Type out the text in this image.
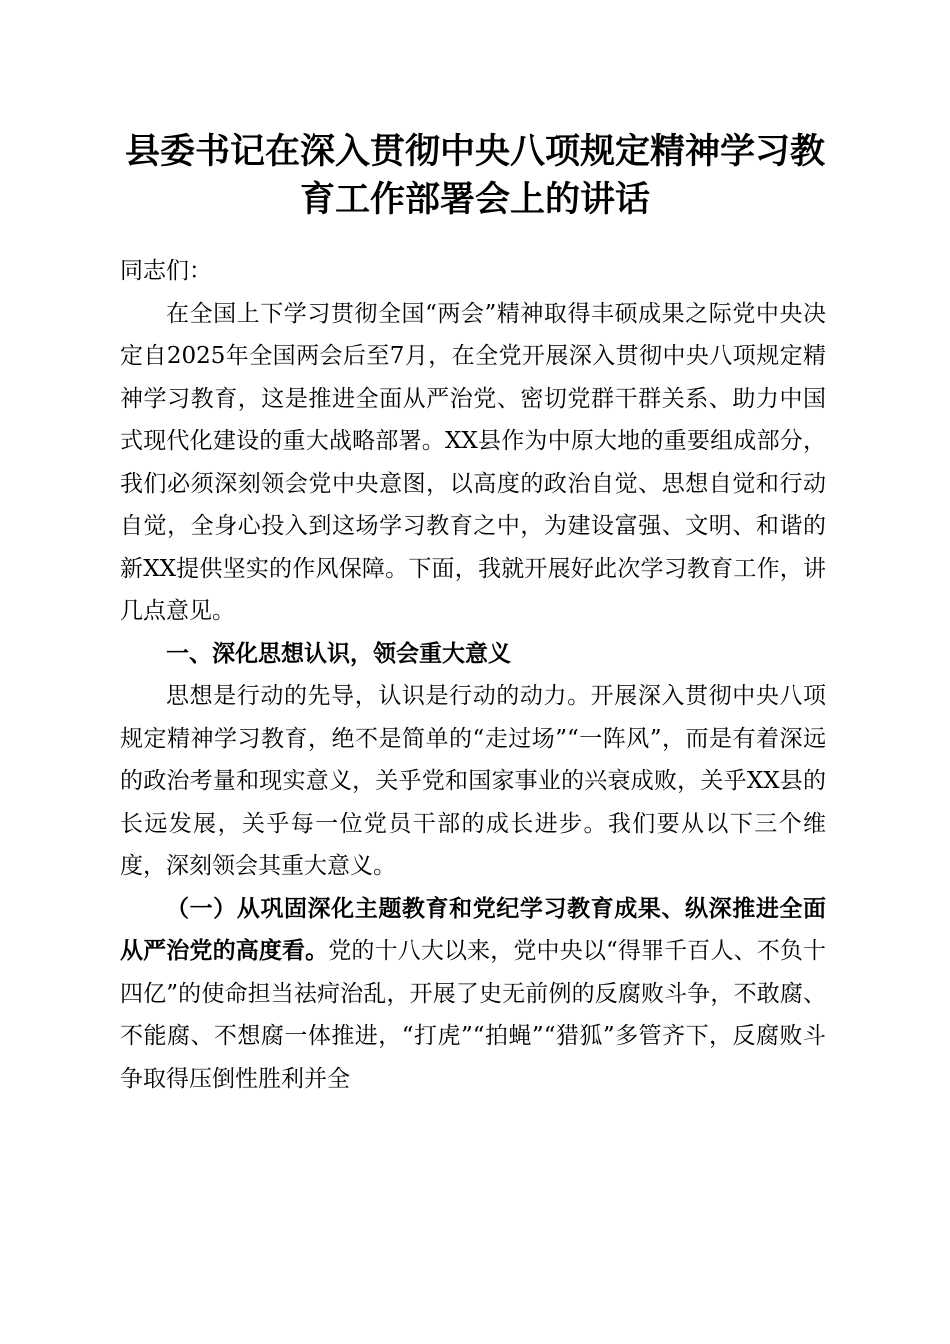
县委书记在深入贯彻中央八项规定精神学习教育工作部署会上的讲话

同志们：

在全国上下学习贯彻全国“两会”精神取得丰硕成果之际党中央决定自2025年全国两会后至7月，在全党开展深入贯彻中央八项规定精神学习教育，这是推进全面从严治党、密切党群干群关系、助力中国式现代化建设的重大战略部署。XX县作为中原大地的重要组成部分，我们必须深刻领会党中央意图，以高度的政治自觉、思想自觉和行动自觉，全身心投入到这场学习教育之中，为建设富强、文明、和谐的新XX提供坚实的作风保障。下面，我就开展好此次学习教育工作，讲几点意见。

一、深化思想认识，领会重大意义

思想是行动的先导，认识是行动的动力。开展深入贯彻中央八项规定精神学习教育，绝不是简单的“走过场”“一阵风”，而是有着深远的政治考量和现实意义，关乎党和国家事业的兴衰成败，关乎XX县的长远发展，关乎每一位党员干部的成长进步。我们要从以下三个维度，深刻领会其重大意义。

（一）从巩固深化主题教育和党纪学习教育成果、纵深推进全面从严治党的高度看。党的十八大以来，党中央以“得罪千百人、不负十四亿”的使命担当祛疴治乱，开展了史无前例的反腐败斗争，不敢腐、不能腐、不想腐一体推进，“打虎”“拍蝇”“猎狐”多管齐下，反腐败斗争取得压倒性胜利并全
